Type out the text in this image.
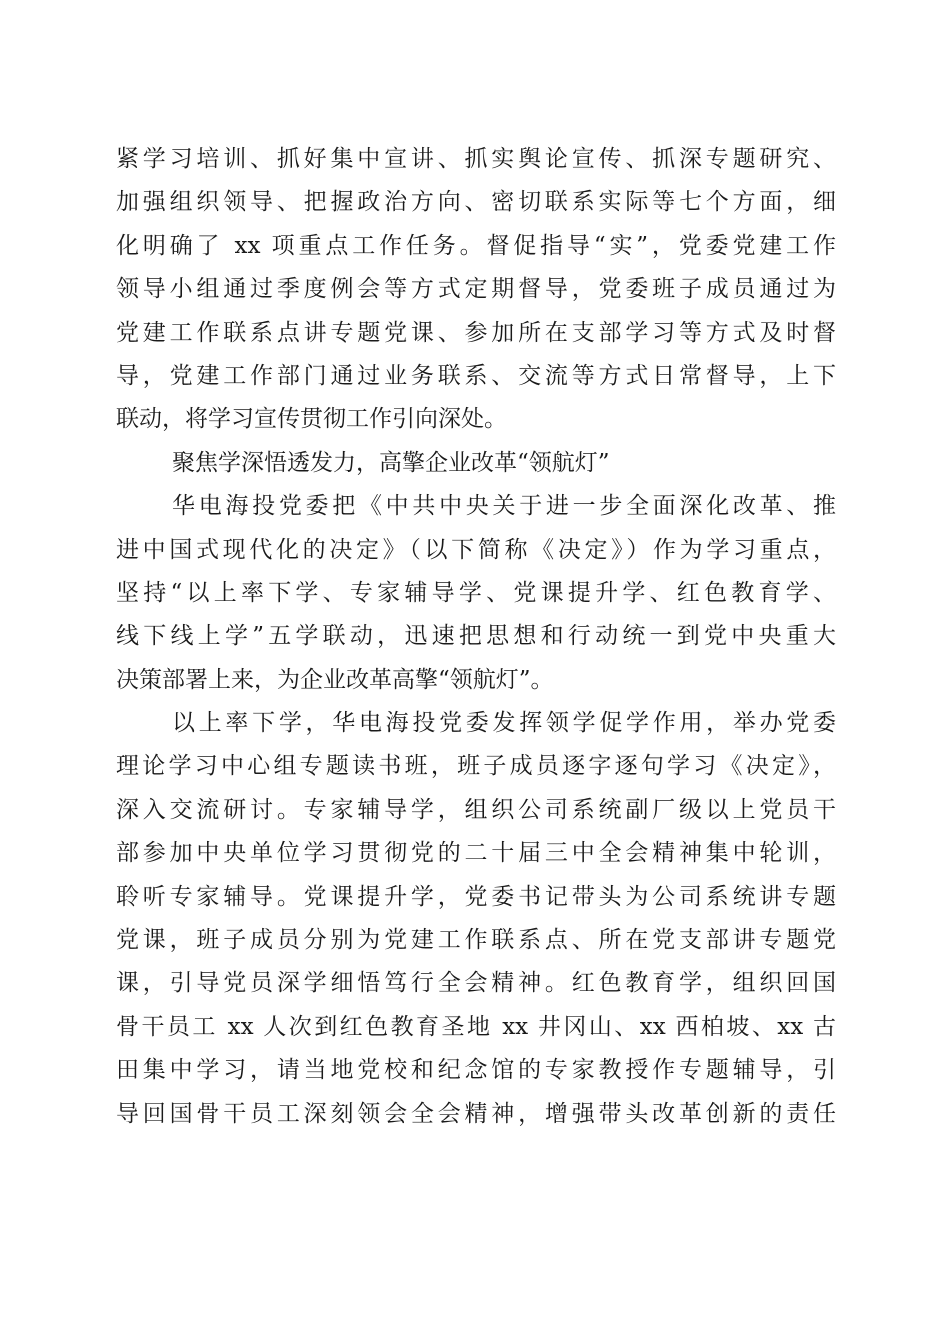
紧学习培训、抓好集中宣讲、抓实舆论宣传、抓深专题研究、
加强组织领导、把握政治方向、密切联系实际等七个方面，细
化明确了 xx 项重点工作任务。督促指导“实”，党委党建工作
领导小组通过季度例会等方式定期督导，党委班子成员通过为
党建工作联系点讲专题党课、参加所在支部学习等方式及时督
导，党建工作部门通过业务联系、交流等方式日常督导，上下
联动，将学习宣传贯彻工作引向深处。
聚焦学深悟透发力，高擎企业改革“领航灯”
华电海投党委把《中共中央关于进一步全面深化改革、推
进中国式现代化的决定》（以下简称《决定》）作为学习重点，
坚持“以上率下学、专家辅导学、党课提升学、红色教育学、
线下线上学”五学联动，迅速把思想和行动统一到党中央重大
决策部署上来，为企业改革高擎“领航灯”。
以上率下学，华电海投党委发挥领学促学作用，举办党委
理论学习中心组专题读书班，班子成员逐字逐句学习《决定》，
深入交流研讨。专家辅导学，组织公司系统副厂级以上党员干
部参加中央单位学习贯彻党的二十届三中全会精神集中轮训，
聆听专家辅导。党课提升学，党委书记带头为公司系统讲专题
党课，班子成员分别为党建工作联系点、所在党支部讲专题党
课，引导党员深学细悟笃行全会精神。红色教育学，组织回国
骨干员工 xx 人次到红色教育圣地 xx 井冈山、xx 西柏坡、xx 古
田集中学习，请当地党校和纪念馆的专家教授作专题辅导，引
导回国骨干员工深刻领会全会精神，增强带头改革创新的责任
